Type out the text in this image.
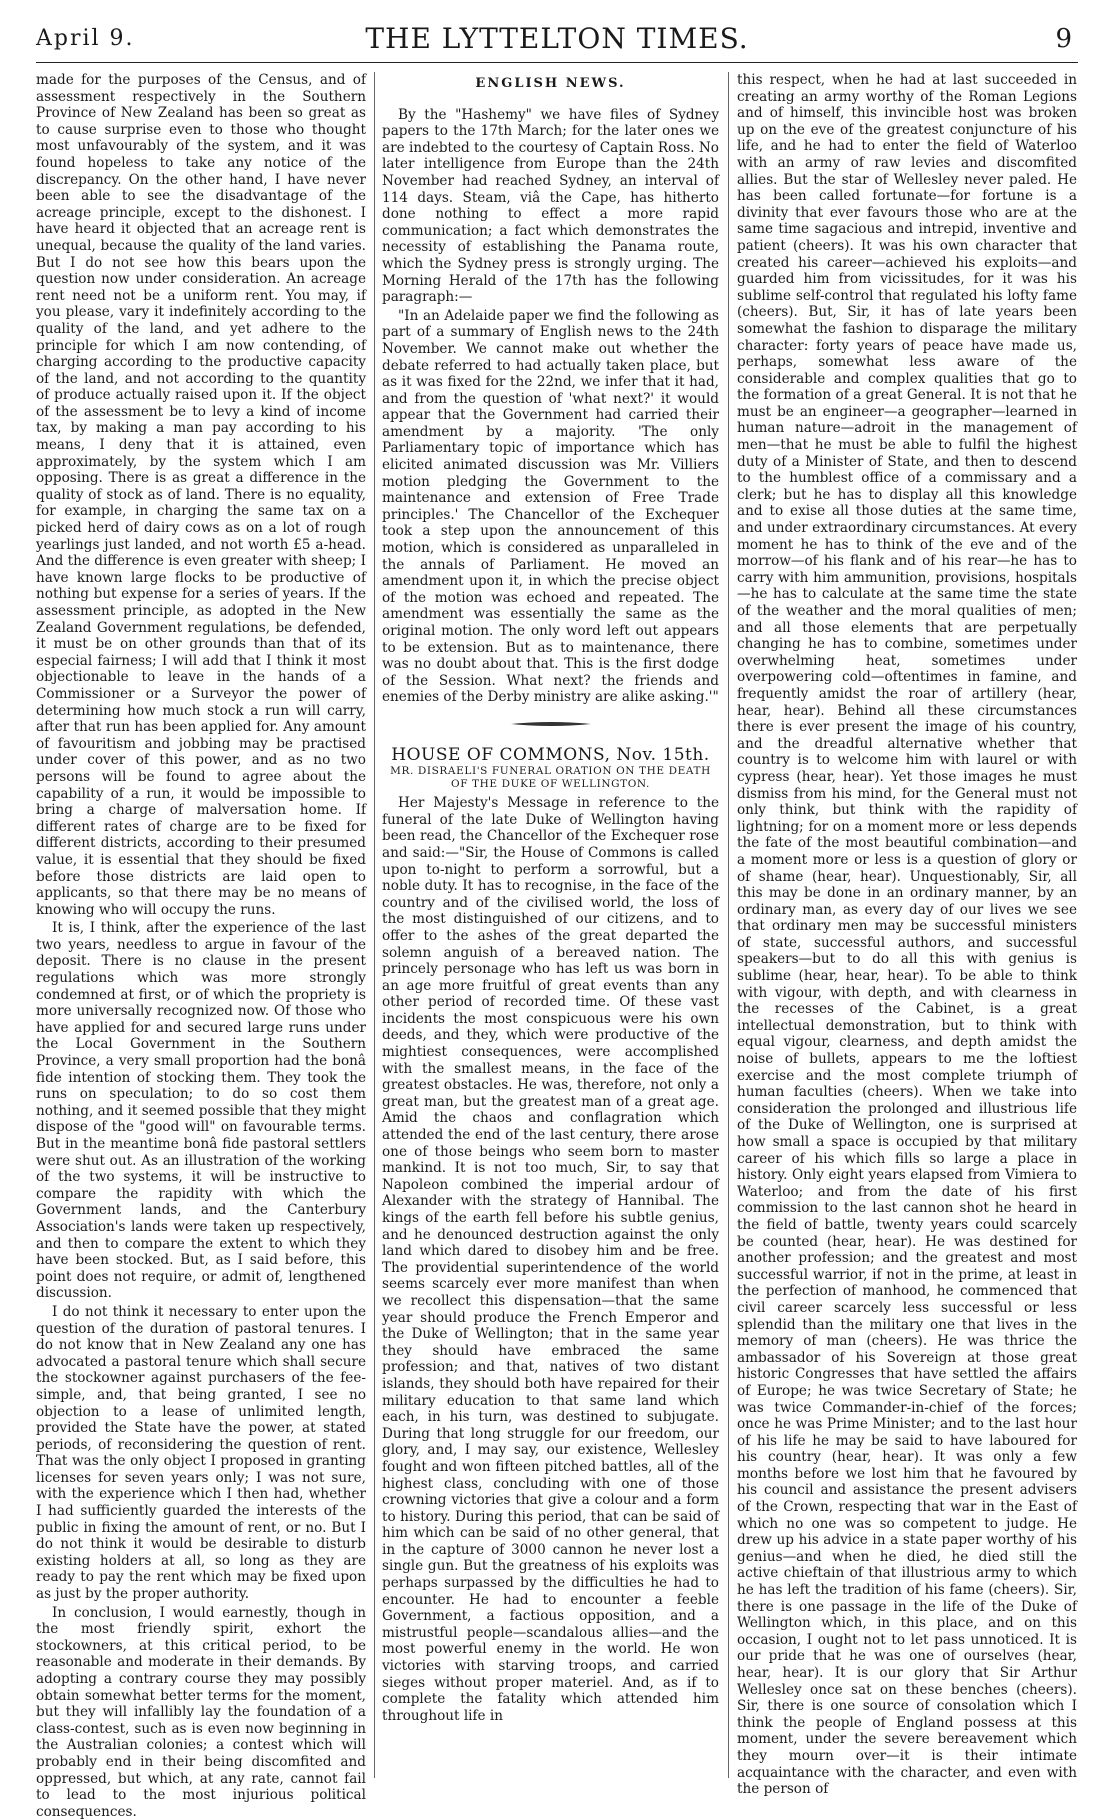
April 9.	THE LYTTELTON TIMES.	9

made for the purposes of the Census, and of assessment respectively in the Southern Province of New Zealand has been so great as to cause surprise even to those who thought most unfavourably of the system, and it was found hopeless to take any notice of the discrepancy. On the other hand, I have never been able to see the disadvantage of the acreage principle, except to the dishonest. I have heard it objected that an acreage rent is unequal, because the quality of the land varies. But I do not see how this bears upon the question now under consideration. An acreage rent need not be a uniform rent. You may, if you please, vary it indefinitely according to the quality of the land, and yet adhere to the principle for which I am now contending, of charging according to the productive capacity of the land, and not according to the quantity of produce actually raised upon it. If the object of the assessment be to levy a kind of income tax, by making a man pay according to his means, I deny that it is attained, even approximately, by the system which I am opposing. There is as great a difference in the quality of stock as of land. There is no equality, for example, in charging the same tax on a picked herd of dairy cows as on a lot of rough yearlings just landed, and not worth £5 a-head. And the difference is even greater with sheep; I have known large flocks to be productive of nothing but expense for a series of years. If the assessment principle, as adopted in the New Zealand Government regulations, be defended, it must be on other grounds than that of its especial fairness; I will add that I think it most objectionable to leave in the hands of a Commissioner or a Surveyor the power of determining how much stock a run will carry, after that run has been applied for. Any amount of favouritism and jobbing may be practised under cover of this power, and as no two persons will be found to agree about the capability of a run, it would be impossible to bring a charge of malversation home. If different rates of charge are to be fixed for different districts, according to their presumed value, it is essential that they should be fixed before those districts are laid open to applicants, so that there may be no means of knowing who will occupy the runs.

It is, I think, after the experience of the last two years, needless to argue in favour of the deposit. There is no clause in the present regulations which was more strongly condemned at first, or of which the propriety is more universally recognized now. Of those who have applied for and secured large runs under the Local Government in the Southern Province, a very small proportion had the bonâ fide intention of stocking them. They took the runs on speculation; to do so cost them nothing, and it seemed possible that they might dispose of the "good will" on favourable terms. But in the meantime bonâ fide pastoral settlers were shut out. As an illustration of the working of the two systems, it will be instructive to compare the rapidity with which the Government lands, and the Canterbury Association's lands were taken up respectively, and then to compare the extent to which they have been stocked. But, as I said before, this point does not require, or admit of, lengthened discussion.

I do not think it necessary to enter upon the question of the duration of pastoral tenures. I do not know that in New Zealand any one has advocated a pastoral tenure which shall secure the stockowner against purchasers of the fee-simple, and, that being granted, I see no objection to a lease of unlimited length, provided the State have the power, at stated periods, of reconsidering the question of rent. That was the only object I proposed in granting licenses for seven years only; I was not sure, with the experience which I then had, whether I had sufficiently guarded the interests of the public in fixing the amount of rent, or no. But I do not think it would be desirable to disturb existing holders at all, so long as they are ready to pay the rent which may be fixed upon as just by the proper authority.

In conclusion, I would earnestly, though in the most friendly spirit, exhort the stockowners, at this critical period, to be reasonable and moderate in their demands. By adopting a contrary course they may possibly obtain somewhat better terms for the moment, but they will infallibly lay the foundation of a class-contest, such as is even now beginning in the Australian colonies; a contest which will probably end in their being discomfited and oppressed, but which, at any rate, cannot fail to lead to the most injurious political consequences.

ENGLISH NEWS.

By the "Hashemy" we have files of Sydney papers to the 17th March; for the later ones we are indebted to the courtesy of Captain Ross. No later intelligence from Europe than the 24th November had reached Sydney, an interval of 114 days. Steam, viâ the Cape, has hitherto done nothing to effect a more rapid communication; a fact which demonstrates the necessity of establishing the Panama route, which the Sydney press is strongly urging. The Morning Herald of the 17th has the following paragraph:—

"In an Adelaide paper we find the following as part of a summary of English news to the 24th November. We cannot make out whether the debate referred to had actually taken place, but as it was fixed for the 22nd, we infer that it had, and from the question of 'what next?' it would appear that the Government had carried their amendment by a majority. 'The only Parliamentary topic of importance which has elicited animated discussion was Mr. Villiers motion pledging the Government to the maintenance and extension of Free Trade principles.' The Chancellor of the Exchequer took a step upon the announcement of this motion, which is considered as unparalleled in the annals of Parliament. He moved an amendment upon it, in which the precise object of the motion was echoed and repeated. The amendment was essentially the same as the original motion. The only word left out appears to be extension. But as to maintenance, there was no doubt about that. This is the first dodge of the Session. What next? the friends and enemies of the Derby ministry are alike asking.'"

HOUSE OF COMMONS, Nov. 15th.
MR. DISRAELI'S FUNERAL ORATION ON THE DEATH OF THE DUKE OF WELLINGTON.

Her Majesty's Message in reference to the funeral of the late Duke of Wellington having been read, the Chancellor of the Exchequer rose and said:—"Sir, the House of Commons is called upon to-night to perform a sorrowful, but a noble duty. It has to recognise, in the face of the country and of the civilised world, the loss of the most distinguished of our citizens, and to offer to the ashes of the great departed the solemn anguish of a bereaved nation. The princely personage who has left us was born in an age more fruitful of great events than any other period of recorded time. Of these vast incidents the most conspicuous were his own deeds, and they, which were productive of the mightiest consequences, were accomplished with the smallest means, in the face of the greatest obstacles. He was, therefore, not only a great man, but the greatest man of a great age. Amid the chaos and conflagration which attended the end of the last century, there arose one of those beings who seem born to master mankind. It is not too much, Sir, to say that Napoleon combined the imperial ardour of Alexander with the strategy of Hannibal. The kings of the earth fell before his subtle genius, and he denounced destruction against the only land which dared to disobey him and be free. The providential superintendence of the world seems scarcely ever more manifest than when we recollect this dispensation—that the same year should produce the French Emperor and the Duke of Wellington; that in the same year they should have embraced the same profession; and that, natives of two distant islands, they should both have repaired for their military education to that same land which each, in his turn, was destined to subjugate. During that long struggle for our freedom, our glory, and, I may say, our existence, Wellesley fought and won fifteen pitched battles, all of the highest class, concluding with one of those crowning victories that give a colour and a form to history. During this period, that can be said of him which can be said of no other general, that in the capture of 3000 cannon he never lost a single gun. But the greatness of his exploits was perhaps surpassed by the difficulties he had to encounter. He had to encounter a feeble Government, a factious opposition, and a mistrustful people—scandalous allies—and the most powerful enemy in the world. He won victories with starving troops, and carried sieges without proper materiel. And, as if to complete the fatality which attended him throughout life in

this respect, when he had at last succeeded in creating an army worthy of the Roman Legions and of himself, this invincible host was broken up on the eve of the greatest conjuncture of his life, and he had to enter the field of Waterloo with an army of raw levies and discomfited allies. But the star of Wellesley never paled. He has been called fortunate—for fortune is a divinity that ever favours those who are at the same time sagacious and intrepid, inventive and patient (cheers). It was his own character that created his career—achieved his exploits—and guarded him from vicissitudes, for it was his sublime self-control that regulated his lofty fame (cheers). But, Sir, it has of late years been somewhat the fashion to disparage the military character: forty years of peace have made us, perhaps, somewhat less aware of the considerable and complex qualities that go to the formation of a great General. It is not that he must be an engineer—a geographer—learned in human nature—adroit in the management of men—that he must be able to fulfil the highest duty of a Minister of State, and then to descend to the humblest office of a commissary and a clerk; but he has to display all this knowledge and to exise all those duties at the same time, and under extraordinary circumstances. At every moment he has to think of the eve and of the morrow—of his flank and of his rear—he has to carry with him ammunition, provisions, hospitals—he has to calculate at the same time the state of the weather and the moral qualities of men; and all those elements that are perpetually changing he has to combine, sometimes under overwhelming heat, sometimes under overpowering cold—oftentimes in famine, and frequently amidst the roar of artillery (hear, hear, hear). Behind all these circumstances there is ever present the image of his country, and the dreadful alternative whether that country is to welcome him with laurel or with cypress (hear, hear). Yet those images he must dismiss from his mind, for the General must not only think, but think with the rapidity of lightning; for on a moment more or less depends the fate of the most beautiful combination—and a moment more or less is a question of glory or of shame (hear, hear). Unquestionably, Sir, all this may be done in an ordinary manner, by an ordinary man, as every day of our lives we see that ordinary men may be successful ministers of state, successful authors, and successful speakers—but to do all this with genius is sublime (hear, hear, hear). To be able to think with vigour, with depth, and with clearness in the recesses of the Cabinet, is a great intellectual demonstration, but to think with equal vigour, clearness, and depth amidst the noise of bullets, appears to me the loftiest exercise and the most complete triumph of human faculties (cheers). When we take into consideration the prolonged and illustrious life of the Duke of Wellington, one is surprised at how small a space is occupied by that military career of his which fills so large a place in history. Only eight years elapsed from Vimiera to Waterloo; and from the date of his first commission to the last cannon shot he heard in the field of battle, twenty years could scarcely be counted (hear, hear). He was destined for another profession; and the greatest and most successful warrior, if not in the prime, at least in the perfection of manhood, he commenced that civil career scarcely less successful or less splendid than the military one that lives in the memory of man (cheers). He was thrice the ambassador of his Sovereign at those great historic Congresses that have settled the affairs of Europe; he was twice Secretary of State; he was twice Commander-in-chief of the forces; once he was Prime Minister; and to the last hour of his life he may be said to have laboured for his country (hear, hear). It was only a few months before we lost him that he favoured by his council and assistance the present advisers of the Crown, respecting that war in the East of which no one was so competent to judge. He drew up his advice in a state paper worthy of his genius—and when he died, he died still the active chieftain of that illustrious army to which he has left the tradition of his fame (cheers). Sir, there is one passage in the life of the Duke of Wellington which, in this place, and on this occasion, I ought not to let pass unnoticed. It is our pride that he was one of ourselves (hear, hear, hear). It is our glory that Sir Arthur Wellesley once sat on these benches (cheers). Sir, there is one source of consolation which I think the people of England possess at this moment, under the severe bereavement which they mourn over—it is their intimate acquaintance with the character, and even with the person of
